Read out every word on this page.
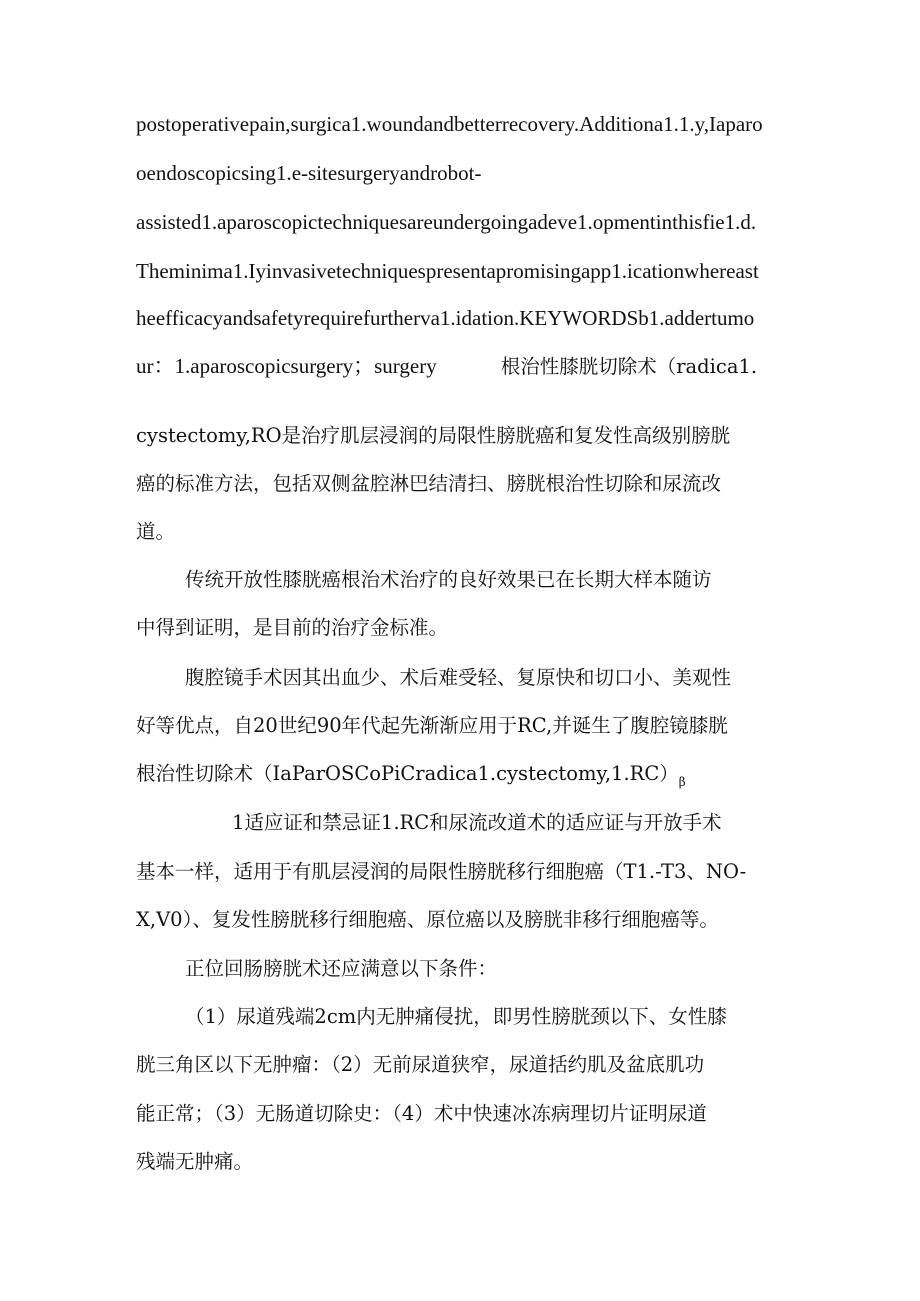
postoperativepain,surgica1.woundandbetterrecovery.Additiona1.1.y,Iaparo
oendoscopicsing1.e-sitesurgeryandrobot-
assisted1.aparoscopictechniquesareundergoingadeve1.opmentinthisfie1.d.
Theminima1.Iyinvasivetechniquespresentapromisingapp1.icationwhereast
heefficacyandsafetyrequirefurtherva1.idation.KEYWORDSb1.addertumo
ur：1.aparoscopicsurgery；surgery	根治性膝胱切除术（radica1.
cystectomy,RO是治疗肌层浸润的局限性膀胱癌和复发性高级别膀胱
癌的标准方法，包括双侧盆腔淋巴结清扫、膀胱根治性切除和尿流改
道。
传统开放性膝胱癌根治术治疗的良好效果已在长期大样本随访
中得到证明，是目前的治疗金标准。
腹腔镜手术因其出血少、术后难受轻、复原快和切口小、美观性
好等优点，自20世纪90年代起先渐渐应用于RC,并诞生了腹腔镜膝胱
根治性切除术$(IaParOSCoPiCradica1.cystectomy,1.RC)_\beta$
1适应证和禁忌证1.RC和尿流改道术的适应证与开放手术
基本一样，适用于有肌层浸润的局限性膀胱移行细胞癌（T1.-T3、NO-
X,V0）、复发性膀胱移行细胞癌、原位癌以及膀胱非移行细胞癌等。
正位回肠膀胱术还应满意以下条件：
（1）尿道残端2cm内无肿痛侵扰，即男性膀胱颈以下、女性膝
胱三角区以下无肿瘤：（2）无前尿道狭窄，尿道括约肌及盆底肌功
能正常；（3）无肠道切除史：（4）术中快速冰冻病理切片证明尿道
残端无肿痛。
